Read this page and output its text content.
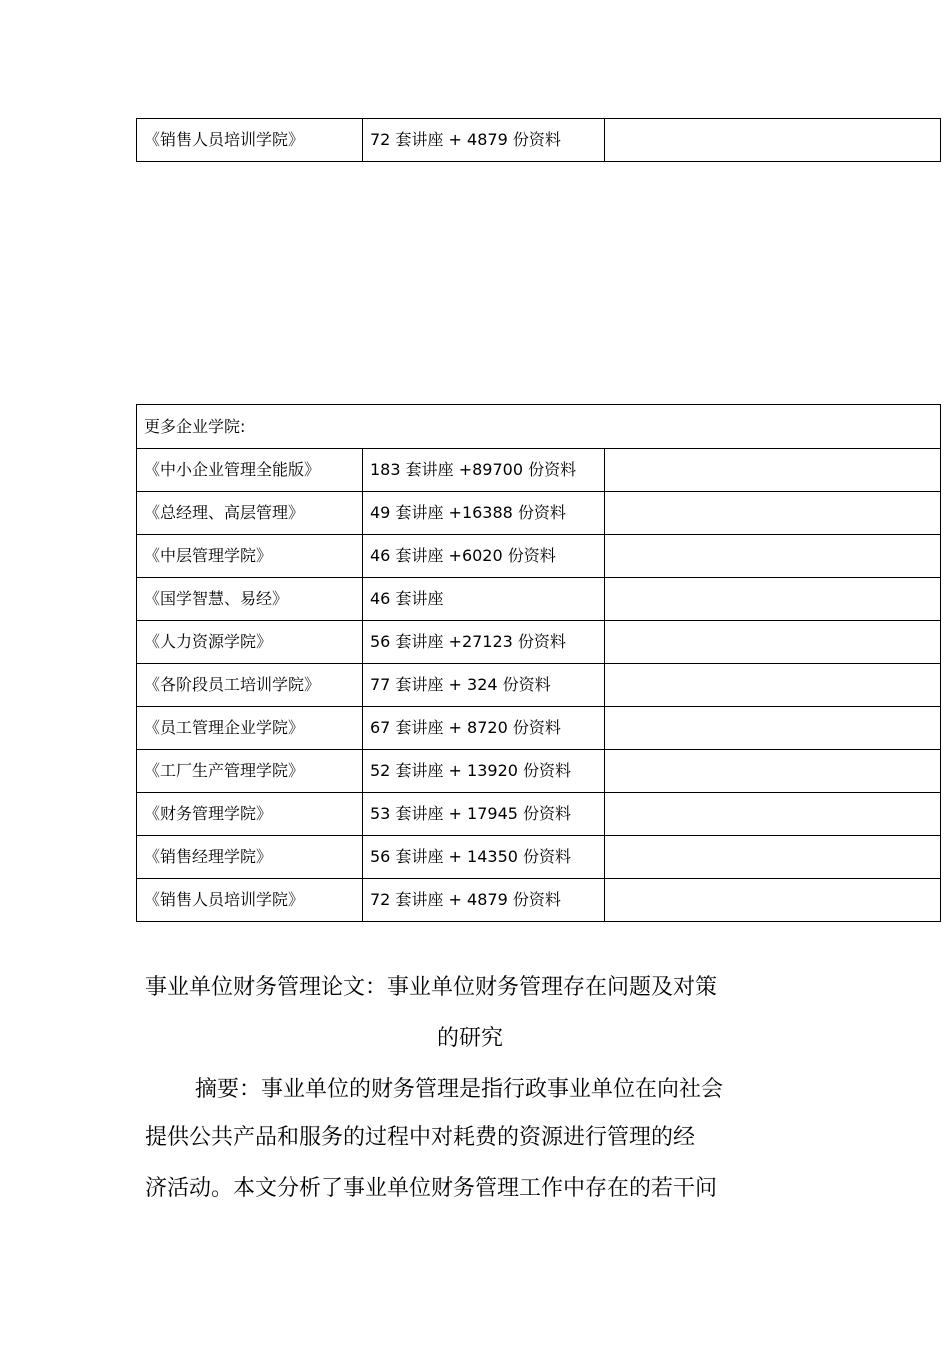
《销售人员培训学院》	72 套讲座 + 4879 份资料	
更多企业学院:		
《中小企业管理全能版》	183 套讲座 +89700 份资料	
《总经理、高层管理》	49 套讲座 +16388 份资料	
《中层管理学院》	46 套讲座 +6020 份资料	
《国学智慧、易经》	46 套讲座	
《人力资源学院》	56 套讲座 +27123 份资料	
《各阶段员工培训学院》	77 套讲座 + 324 份资料	
《员工管理企业学院》	67 套讲座 + 8720 份资料	
《工厂生产管理学院》	52 套讲座 + 13920 份资料	
《财务管理学院》	53 套讲座 + 17945 份资料	
《销售经理学院》	56 套讲座 + 14350 份资料	
《销售人员培训学院》	72 套讲座 + 4879 份资料	
事业单位财务管理论文：事业单位财务管理存在问题及对策
的研究
摘要：事业单位的财务管理是指行政事业单位在向社会
提供公共产品和服务的过程中对耗费的资源进行管理的经
济活动。本文分析了事业单位财务管理工作中存在的若干问
